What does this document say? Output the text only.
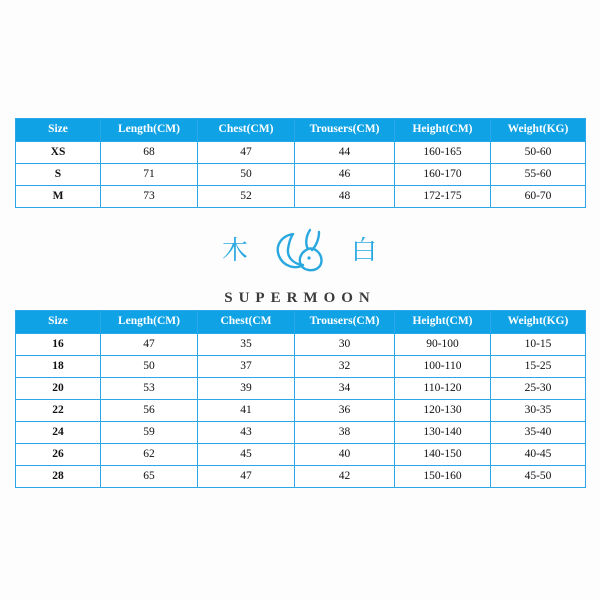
Size	Length(CM)	Chest(CM)	Trousers(CM)	Height(CM)	Weight(KG)
XS	68	47	44	160-165	50-60
S	71	50	46	160-170	55-60
M	73	52	48	172-175	60-70
木	白
SUPERMOON
Size	Length(CM)	Chest(CM	Trousers(CM)	Height(CM)	Weight(KG)
16	47	35	30	90-100	10-15
18	50	37	32	100-110	15-25
20	53	39	34	110-120	25-30
22	56	41	36	120-130	30-35
24	59	43	38	130-140	35-40
26	62	45	40	140-150	40-45
28	65	47	42	150-160	45-50
